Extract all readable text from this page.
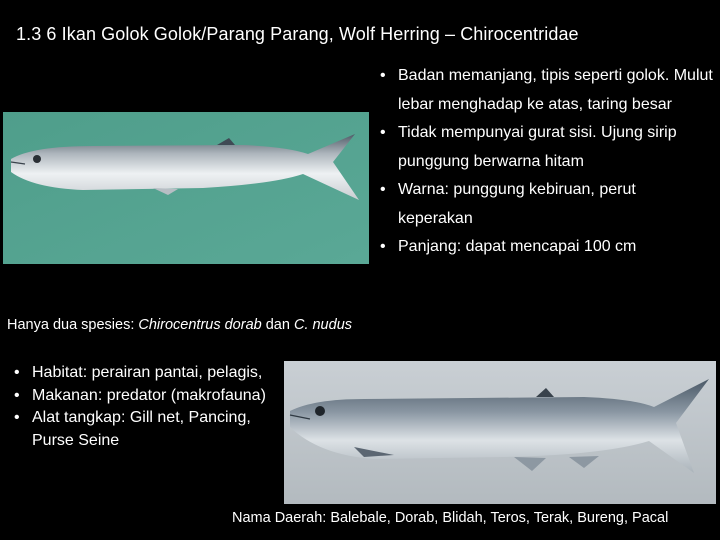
1.3 6 Ikan Golok Golok/Parang Parang, Wolf Herring – Chirocentridae
• Badan memanjang, tipis seperti golok. Mulut lebar menghadap ke atas, taring besar
• Tidak mempunyai gurat sisi. Ujung sirip punggung berwarna hitam
• Warna: punggung kebiruan, perut keperakan
• Panjang: dapat mencapai 100 cm
Hanya dua spesies: Chirocentrus dorab dan C. nudus
• Habitat: perairan pantai, pelagis,
• Makanan: predator (makrofauna)
• Alat tangkap: Gill net, Pancing, Purse Seine
Nama Daerah: Balebale, Dorab, Blidah, Teros, Terak, Bureng, Pacal
